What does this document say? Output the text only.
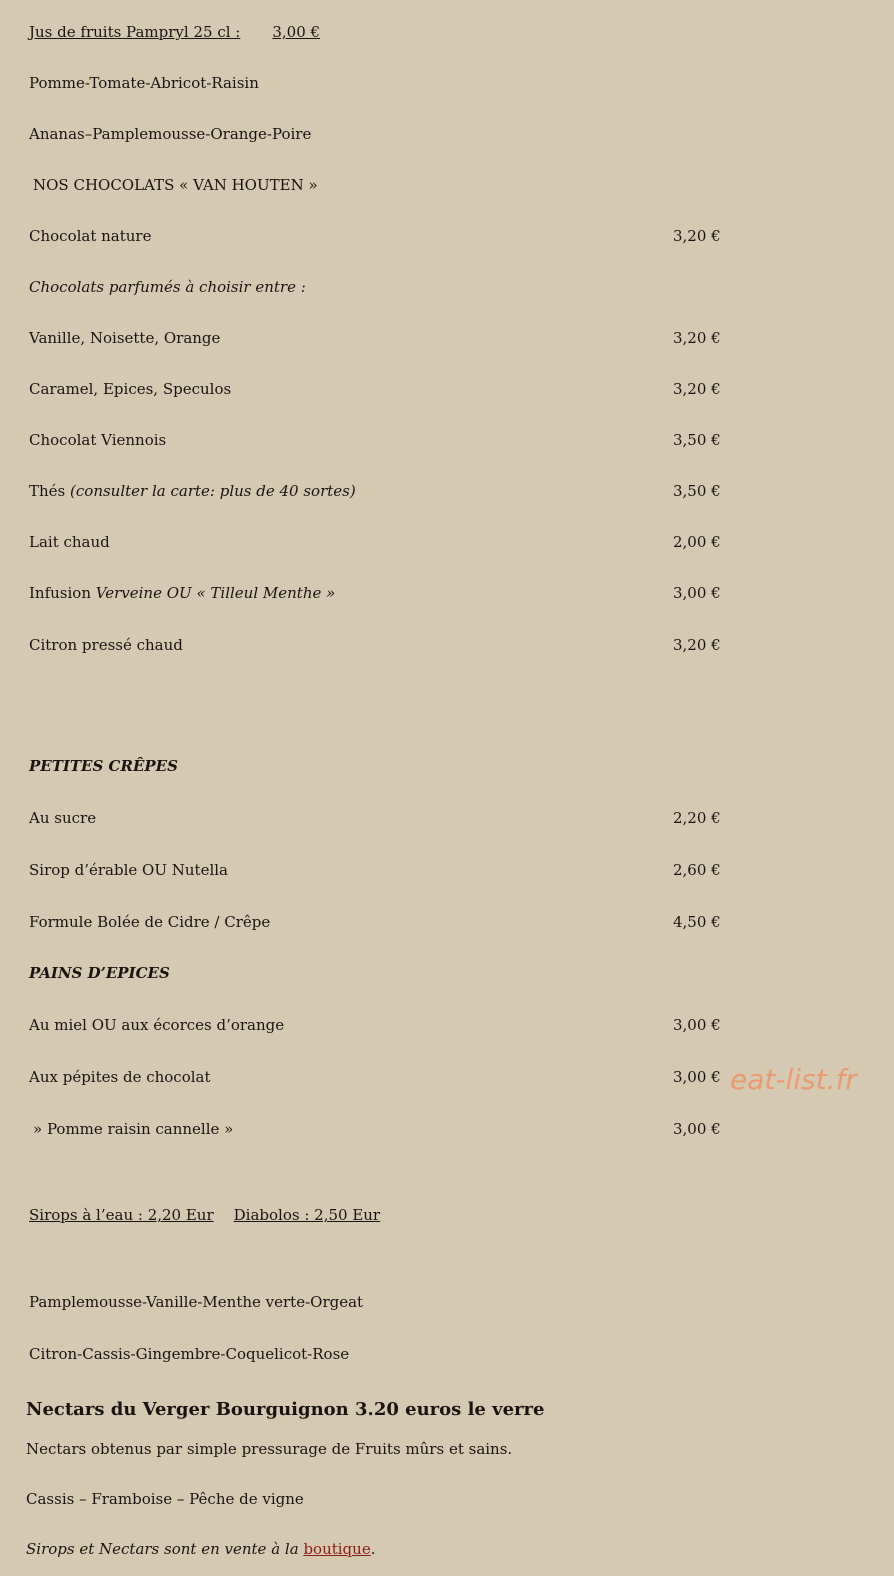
Jus de fruits Pampryl 25 cl : 3,00 €
Pomme-Tomate-Abricot-Raisin
Ananas–Pamplemousse-Orange-Poire
NOS CHOCOLATS « VAN HOUTEN »
Chocolat nature	3,20 €
Chocolats parfumés à choisir entre :
Vanille, Noisette, Orange	3,20 €
Caramel, Epices, Speculos	3,20 €
Chocolat Viennois	3,50 €
Thés (consulter la carte: plus de 40 sortes)	3,50 €
Lait chaud	2,00 €
Infusion Verveine OU « Tilleul Menthe »	3,00 €
Citron pressé chaud	3,20 €
PETITES CRÊPES
Au sucre	2,20 €
Sirop d’érable OU Nutella	2,60 €
Formule Bolée de Cidre / Crêpe	4,50 €
PAINS D’EPICES
Au miel OU aux écorces d’orange	3,00 €
Aux pépites de chocolat	3,00 €
» Pomme raisin cannelle »	3,00 €
Sirops à l’eau : 2,20 Eur Diabolos : 2,50 Eur
Pamplemousse-Vanille-Menthe verte-Orgeat
Citron-Cassis-Gingembre-Coquelicot-Rose
Nectars du Verger Bourguignon 3.20 euros le verre
Nectars obtenus par simple pressurage de Fruits mûrs et sains.
Cassis – Framboise – Pêche de vigne
Sirops et Nectars sont en vente à la boutique.
eat-list.fr
